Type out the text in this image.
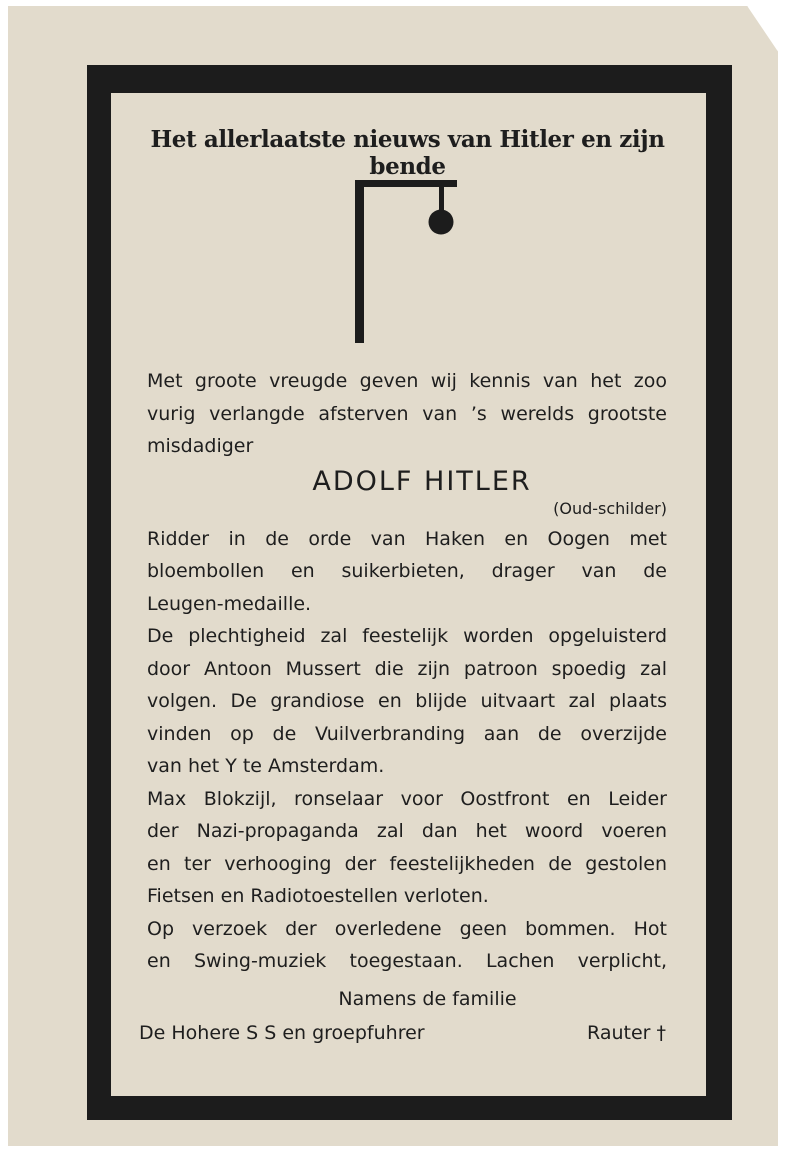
Het allerlaatste nieuws van Hitler en zijn bende
Met groote vreugde geven wij kennis van het zoo
vurig verlangde afsterven van ’s werelds grootste
misdadiger
ADOLF HITLER
(Oud-schilder)
Ridder in de orde van Haken en Oogen met
bloembollen en suikerbieten, drager van de
Leugen-medaille.
De plechtigheid zal feestelijk worden opgeluisterd
door Antoon Mussert die zijn patroon spoedig zal
volgen. De grandiose en blijde uitvaart zal plaats
vinden op de Vuilverbranding aan de overzijde
van het Y te Amsterdam.
Max Blokzijl, ronselaar voor Oostfront en Leider
der Nazi-propaganda zal dan het woord voeren
en ter verhooging der feestelijkheden de gestolen
Fietsen en Radiotoestellen verloten.
Op verzoek der overledene geen bommen. Hot
en Swing-muziek toegestaan. Lachen verplicht,
Namens de familie
De Hohere S S en groepfuhrer	Rauter †
